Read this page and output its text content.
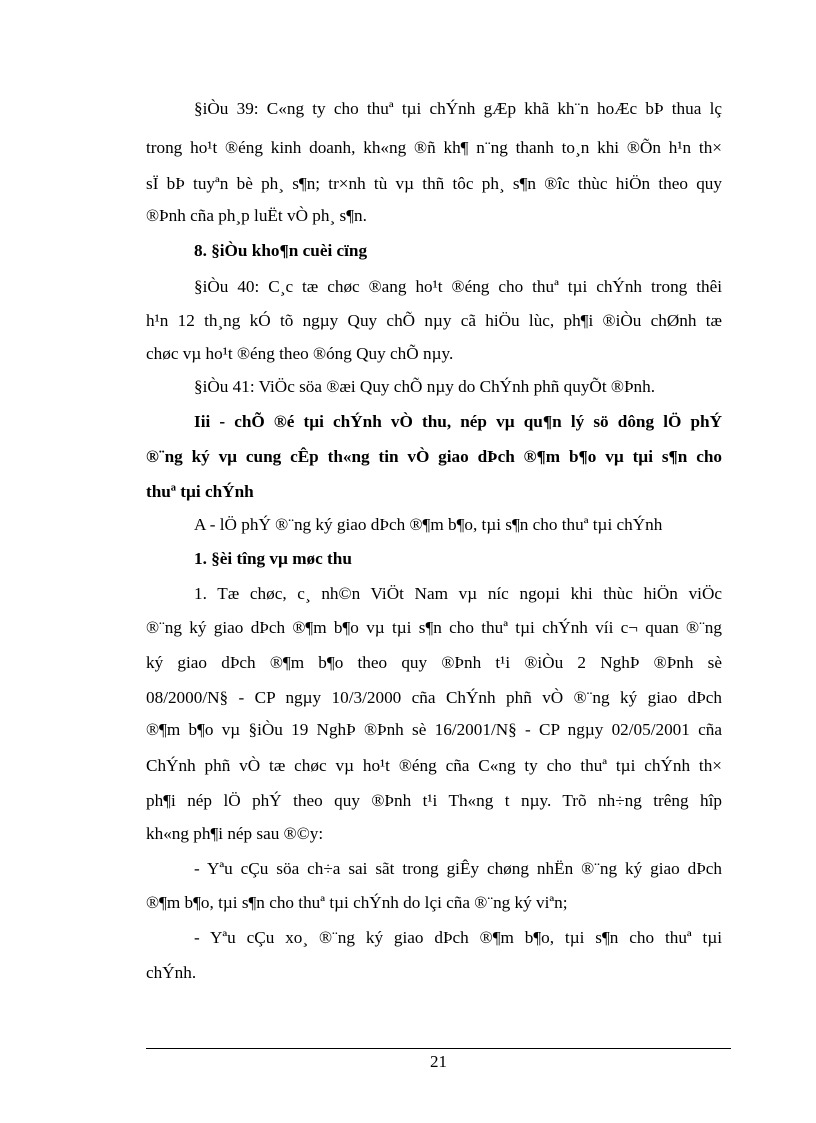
§iÒu 39: C«ng ty cho thuª tµi chÝnh gÆp khã kh¨n hoÆc bÞ thua lç
trong ho¹t ®éng kinh doanh, kh«ng ®ñ kh¶ n¨ng thanh to¸n khi ®Õn h¹n th×
sÏ bÞ tuyªn bè ph¸ s¶n; tr×nh tù vµ thñ tôc ph¸ s¶n ®îc thùc hiÖn theo quy
®Þnh cña ph¸p luËt vÒ ph¸ s¶n.
8. §iÒu kho¶n cuèi cïng
§iÒu 40: C¸c tæ chøc ®ang ho¹t ®éng cho thuª tµi chÝnh trong thêi
h¹n 12 th¸ng kÓ tõ ngµy Quy chÕ nµy cã hiÖu lùc, ph¶i ®iÒu chØnh tæ
chøc vµ ho¹t ®éng theo ®óng Quy chÕ nµy.
§iÒu 41: ViÖc söa ®æi Quy chÕ nµy do ChÝnh phñ quyÕt ®Þnh.
Iii - chÕ ®é tµi chÝnh vÒ thu, nép vµ qu¶n lý sö dông lÖ phÝ
®¨ng ký vµ cung cÊp th«ng tin vÒ giao dÞch ®¶m b¶o vµ tµi s¶n cho
thuª tµi chÝnh
A - lÖ phÝ ®¨ng ký giao dÞch ®¶m b¶o, tµi s¶n cho thuª tµi chÝnh
1. §èi tîng vµ møc thu
1. Tæ chøc, c¸ nh©n ViÖt Nam vµ níc ngoµi khi thùc hiÖn viÖc
®¨ng ký giao dÞch ®¶m b¶o vµ tµi s¶n cho thuª tµi chÝnh víi c¬ quan ®¨ng
ký giao dÞch ®¶m b¶o theo quy ®Þnh t¹i ®iÒu 2 NghÞ ®Þnh sè
08/2000/N§ - CP ngµy 10/3/2000 cña ChÝnh phñ vÒ ®¨ng ký giao dÞch
®¶m b¶o vµ §iÒu 19 NghÞ ®Þnh sè 16/2001/N§ - CP ngµy 02/05/2001 cña
ChÝnh phñ vÒ tæ chøc vµ ho¹t ®éng cña C«ng ty cho thuª tµi chÝnh th×
ph¶i nép lÖ phÝ theo quy ®Þnh t¹i Th«ng t nµy. Trõ nh÷ng trêng hîp
kh«ng ph¶i nép sau ®©y:
- Yªu cÇu söa ch÷a sai sãt trong giÊy chøng nhËn ®¨ng ký giao dÞch
®¶m b¶o, tµi s¶n cho thuª tµi chÝnh do lçi cña ®¨ng ký viªn;
- Yªu cÇu xo¸ ®¨ng ký giao dÞch ®¶m b¶o, tµi s¶n cho thuª tµi
chÝnh.
21
